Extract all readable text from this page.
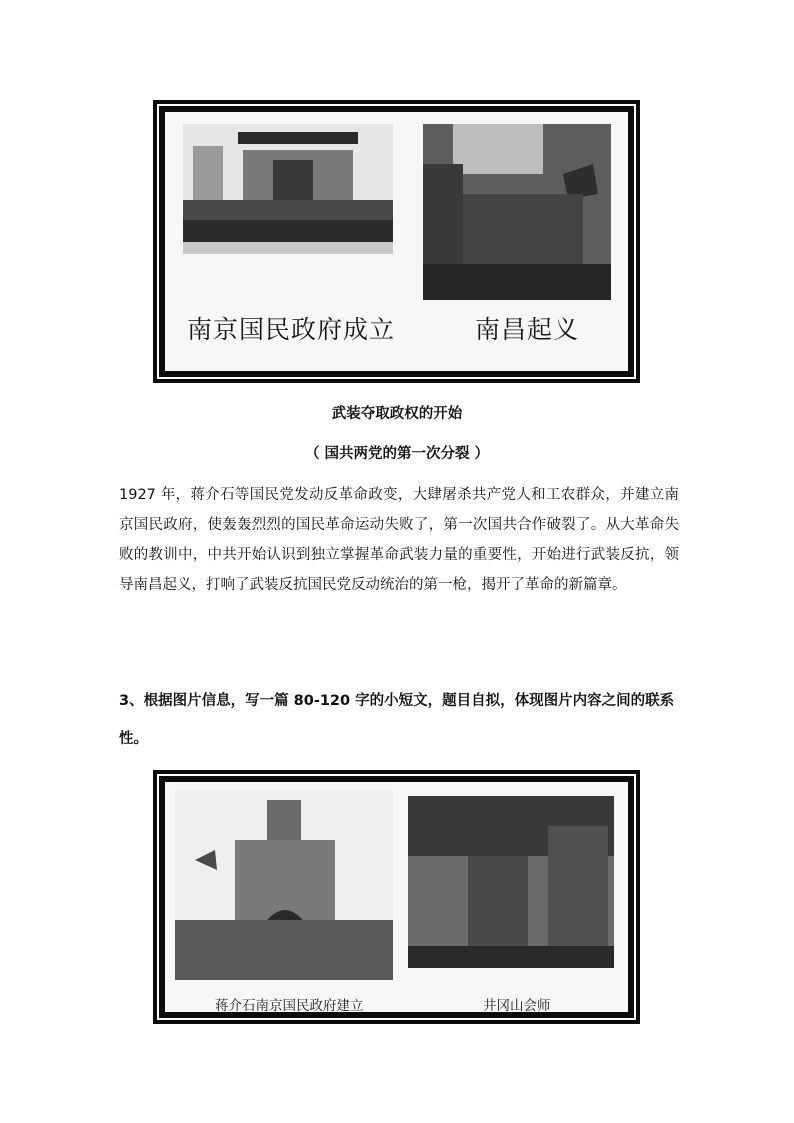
南京国民政府成立	南昌起义
武装夺取政权的开始
（ 国共两党的第一次分裂 ）

1927 年，蒋介石等国民党发动反革命政变，大肆屠杀共产党人和工农群众，并建立南京国民政府，使轰轰烈烈的国民革命运动失败了，第一次国共合作破裂了。从大革命失败的教训中，中共开始认识到独立掌握革命武装力量的重要性，开始进行武装反抗，领导南昌起义，打响了武装反抗国民党反动统治的第一枪，揭开了革命的新篇章。

3、根据图片信息，写一篇 80-120 字的小短文，题目自拟，体现图片内容之间的联系性。

蒋介石南京国民政府建立	井冈山会师
